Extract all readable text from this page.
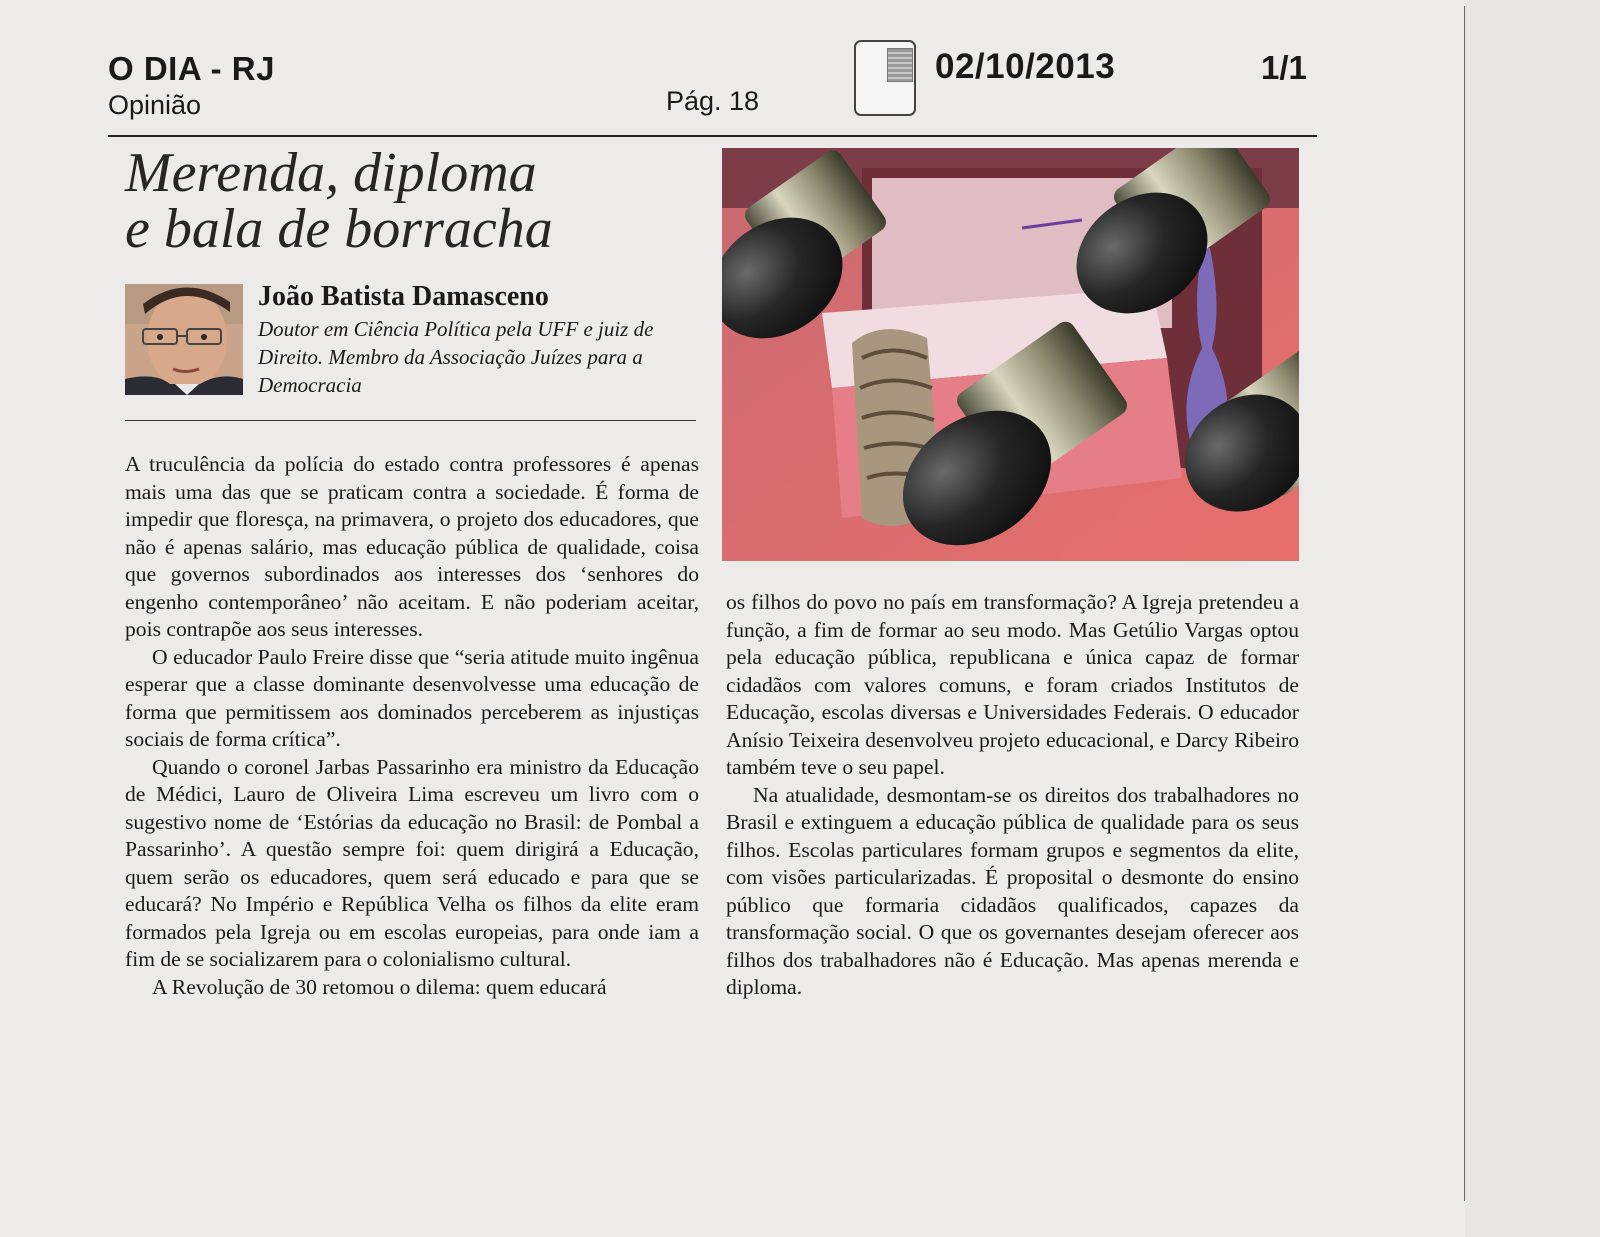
O DIA - RJ
Opinião	Pág. 18
02/10/2013	1/1
Merenda, diploma
e bala de borracha
João Batista Damasceno
Doutor em Ciência Política pela UFF e juiz de Direito. Membro da Associação Juízes para a Democracia

A truculência da polícia do estado contra professores é apenas mais uma das que se praticam contra a sociedade. É forma de impedir que floresça, na primavera, o projeto dos educadores, que não é apenas salário, mas educação pública de qualidade, coisa que governos subordinados aos interesses dos ‘senhores do engenho contemporâneo’ não aceitam. E não poderiam aceitar, pois contrapõe aos seus interesses.

O educador Paulo Freire disse que “seria atitude muito ingênua esperar que a classe dominante desenvolvesse uma educação de forma que permitissem aos dominados perceberem as injustiças sociais de forma crítica”.

Quando o coronel Jarbas Passarinho era ministro da Educação de Médici, Lauro de Oliveira Lima escreveu um livro com o sugestivo nome de ‘Estórias da educação no Brasil: de Pombal a Passarinho’. A questão sempre foi: quem dirigirá a Educação, quem serão os educadores, quem será educado e para que se educará? No Império e República Velha os filhos da elite eram formados pela Igreja ou em escolas europeias, para onde iam a fim de se socializarem para o colonialismo cultural.

A Revolução de 30 retomou o dilema: quem educará

os filhos do povo no país em transformação? A Igreja pretendeu a função, a fim de formar ao seu modo. Mas Getúlio Vargas optou pela educação pública, republicana e única capaz de formar cidadãos com valores comuns, e foram criados Institutos de Educação, escolas diversas e Universidades Federais. O educador Anísio Teixeira desenvolveu projeto educacional, e Darcy Ribeiro também teve o seu papel.

Na atualidade, desmontam-se os direitos dos trabalhadores no Brasil e extinguem a educação pública de qualidade para os seus filhos. Escolas particulares formam grupos e segmentos da elite, com visões particularizadas. É proposital o desmonte do ensino público que formaria cidadãos qualificados, capazes da transformação social. O que os governantes desejam oferecer aos filhos dos trabalhadores não é Educação. Mas apenas merenda e diploma.
